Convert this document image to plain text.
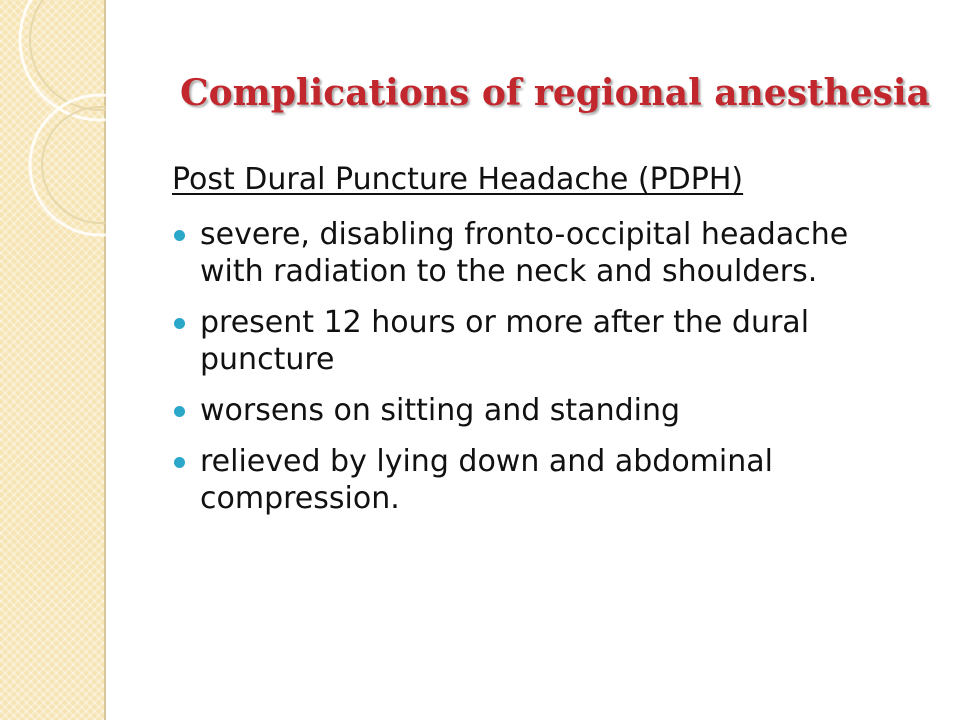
Complications of regional anesthesia
Post Dural Puncture Headache (PDPH)
severe, disabling fronto-occipital headache
with radiation to the neck and shoulders.
present 12 hours or more after the dural
puncture
worsens on sitting and standing
relieved by lying down and abdominal
compression.
